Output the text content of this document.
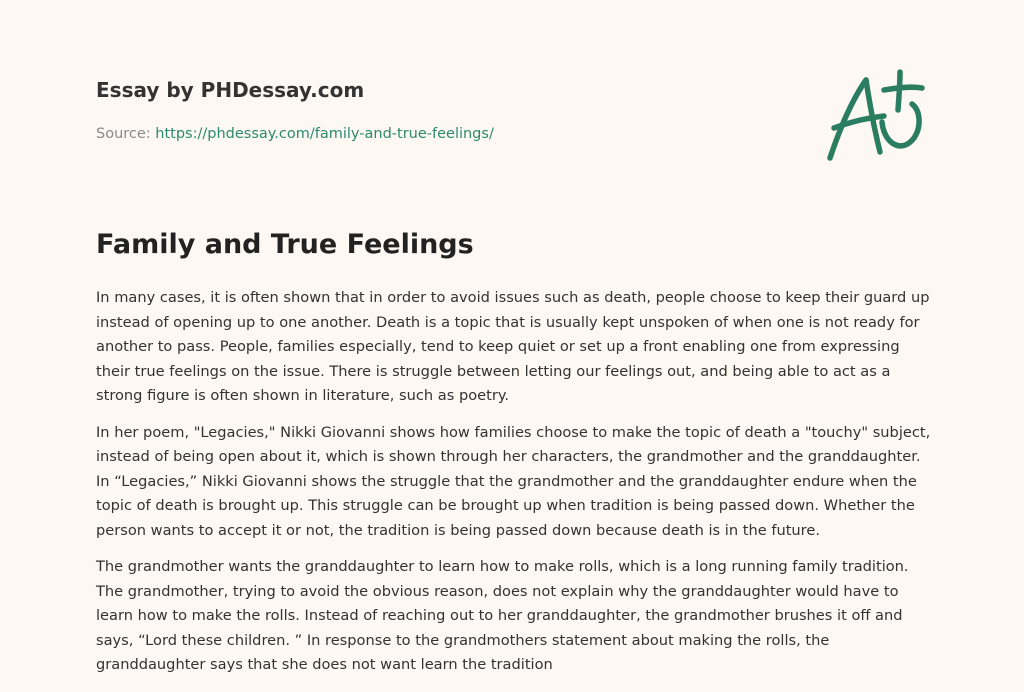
Essay by PHDessay.com
Source: https://phdessay.com/family-and-true-feelings/
Family and True Feelings

In many cases, it is often shown that in order to avoid issues such as death, people choose to keep their guard up instead of opening up to one another. Death is a topic that is usually kept unspoken of when one is not ready for another to pass. People, families especially, tend to keep quiet or set up a front enabling one from expressing their true feelings on the issue. There is struggle between letting our feelings out, and being able to act as a strong figure is often shown in literature, such as poetry.

In her poem, "Legacies," Nikki Giovanni shows how families choose to make the topic of death a "touchy" subject, instead of being open about it, which is shown through her characters, the grandmother and the granddaughter. In “Legacies,” Nikki Giovanni shows the struggle that the grandmother and the granddaughter endure when the topic of death is brought up. This struggle can be brought up when tradition is being passed down. Whether the person wants to accept it or not, the tradition is being passed down because death is in the future.

The grandmother wants the granddaughter to learn how to make rolls, which is a long running family tradition. The grandmother, trying to avoid the obvious reason, does not explain why the granddaughter would have to learn how to make the rolls. Instead of reaching out to her granddaughter, the grandmother brushes it off and says, “Lord these children. ” In response to the grandmothers statement about making the rolls, the granddaughter says that she does not want learn the tradition
